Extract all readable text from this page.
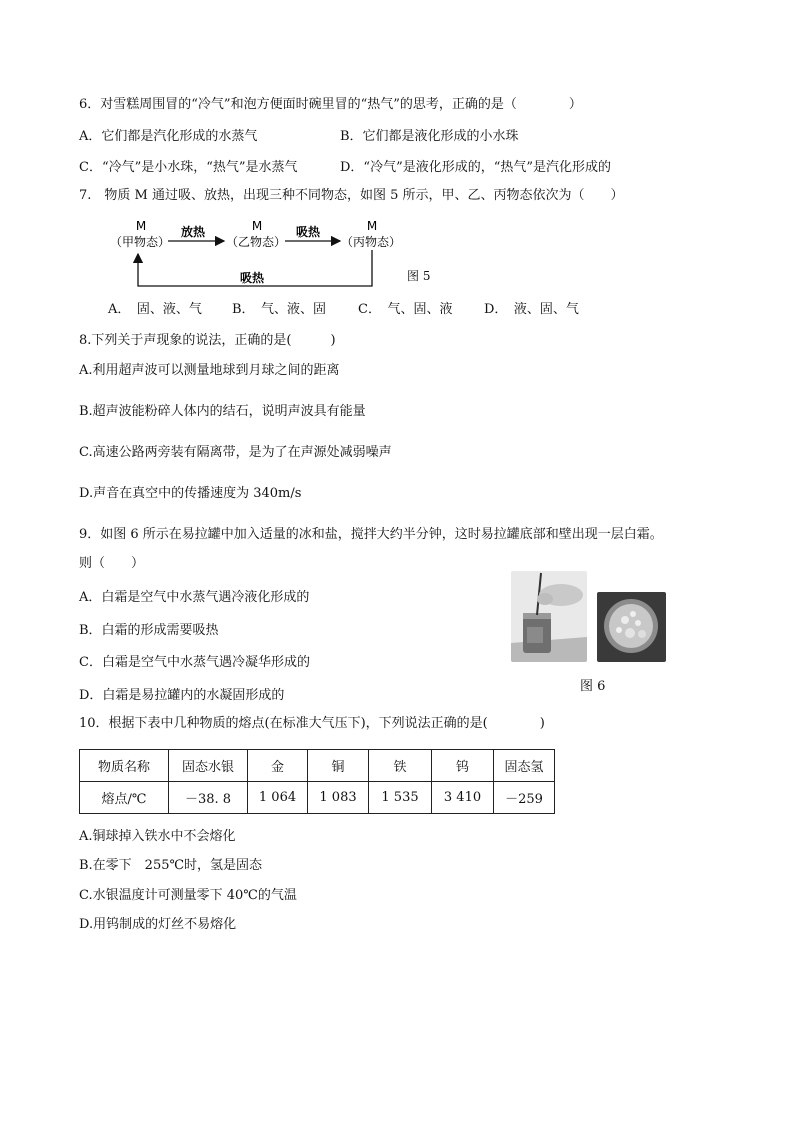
6．对雪糕周围冒的“冷气”和泡方便面时碗里冒的“热气”的思考，正确的是（　　　　）
A．它们都是汽化形成的水蒸气	B．它们都是液化形成的小水珠
C．“冷气”是小水珠，“热气”是水蒸气	D．“冷气”是液化形成的，“热气”是汽化形成的
7.　物质 M 通过吸、放热，出现三种不同物态，如图 5 所示，甲、乙、丙物态依次为（　　）
M
（甲物态）
M
（乙物态）
M
（丙物态）
放热	吸热
吸热	图 5
A．　固、液、气 B．　气、液、固 C．　气、固、液 D．　液、固、气
8.下列关于声现象的说法，正确的是(　　　)
A.利用超声波可以测量地球到月球之间的距离
B.超声波能粉碎人体内的结石，说明声波具有能量
C.高速公路两旁装有隔离带，是为了在声源处减弱噪声
D.声音在真空中的传播速度为 340m/s
9．如图 6 所示在易拉罐中加入适量的冰和盐，搅拌大约半分钟，这时易拉罐底部和壁出现一层白霜。
则（　　）
A．白霜是空气中水蒸气遇冷液化形成的
B．白霜的形成需要吸热
C．白霜是空气中水蒸气遇冷凝华形成的
D．白霜是易拉罐内的水凝固形成的
图 6
10．根据下表中几种物质的熔点(在标准大气压下)，下列说法正确的是(　　　　)
物质名称	固态水银	金	铜	铁	钨	固态氢
熔点/℃	－38. 8	1 064	1 083	1 535	3 410	－259
A.铜球掉入铁水中不会熔化
B.在零下　255℃时，氢是固态
C.水银温度计可测量零下 40℃的气温
D.用钨制成的灯丝不易熔化
